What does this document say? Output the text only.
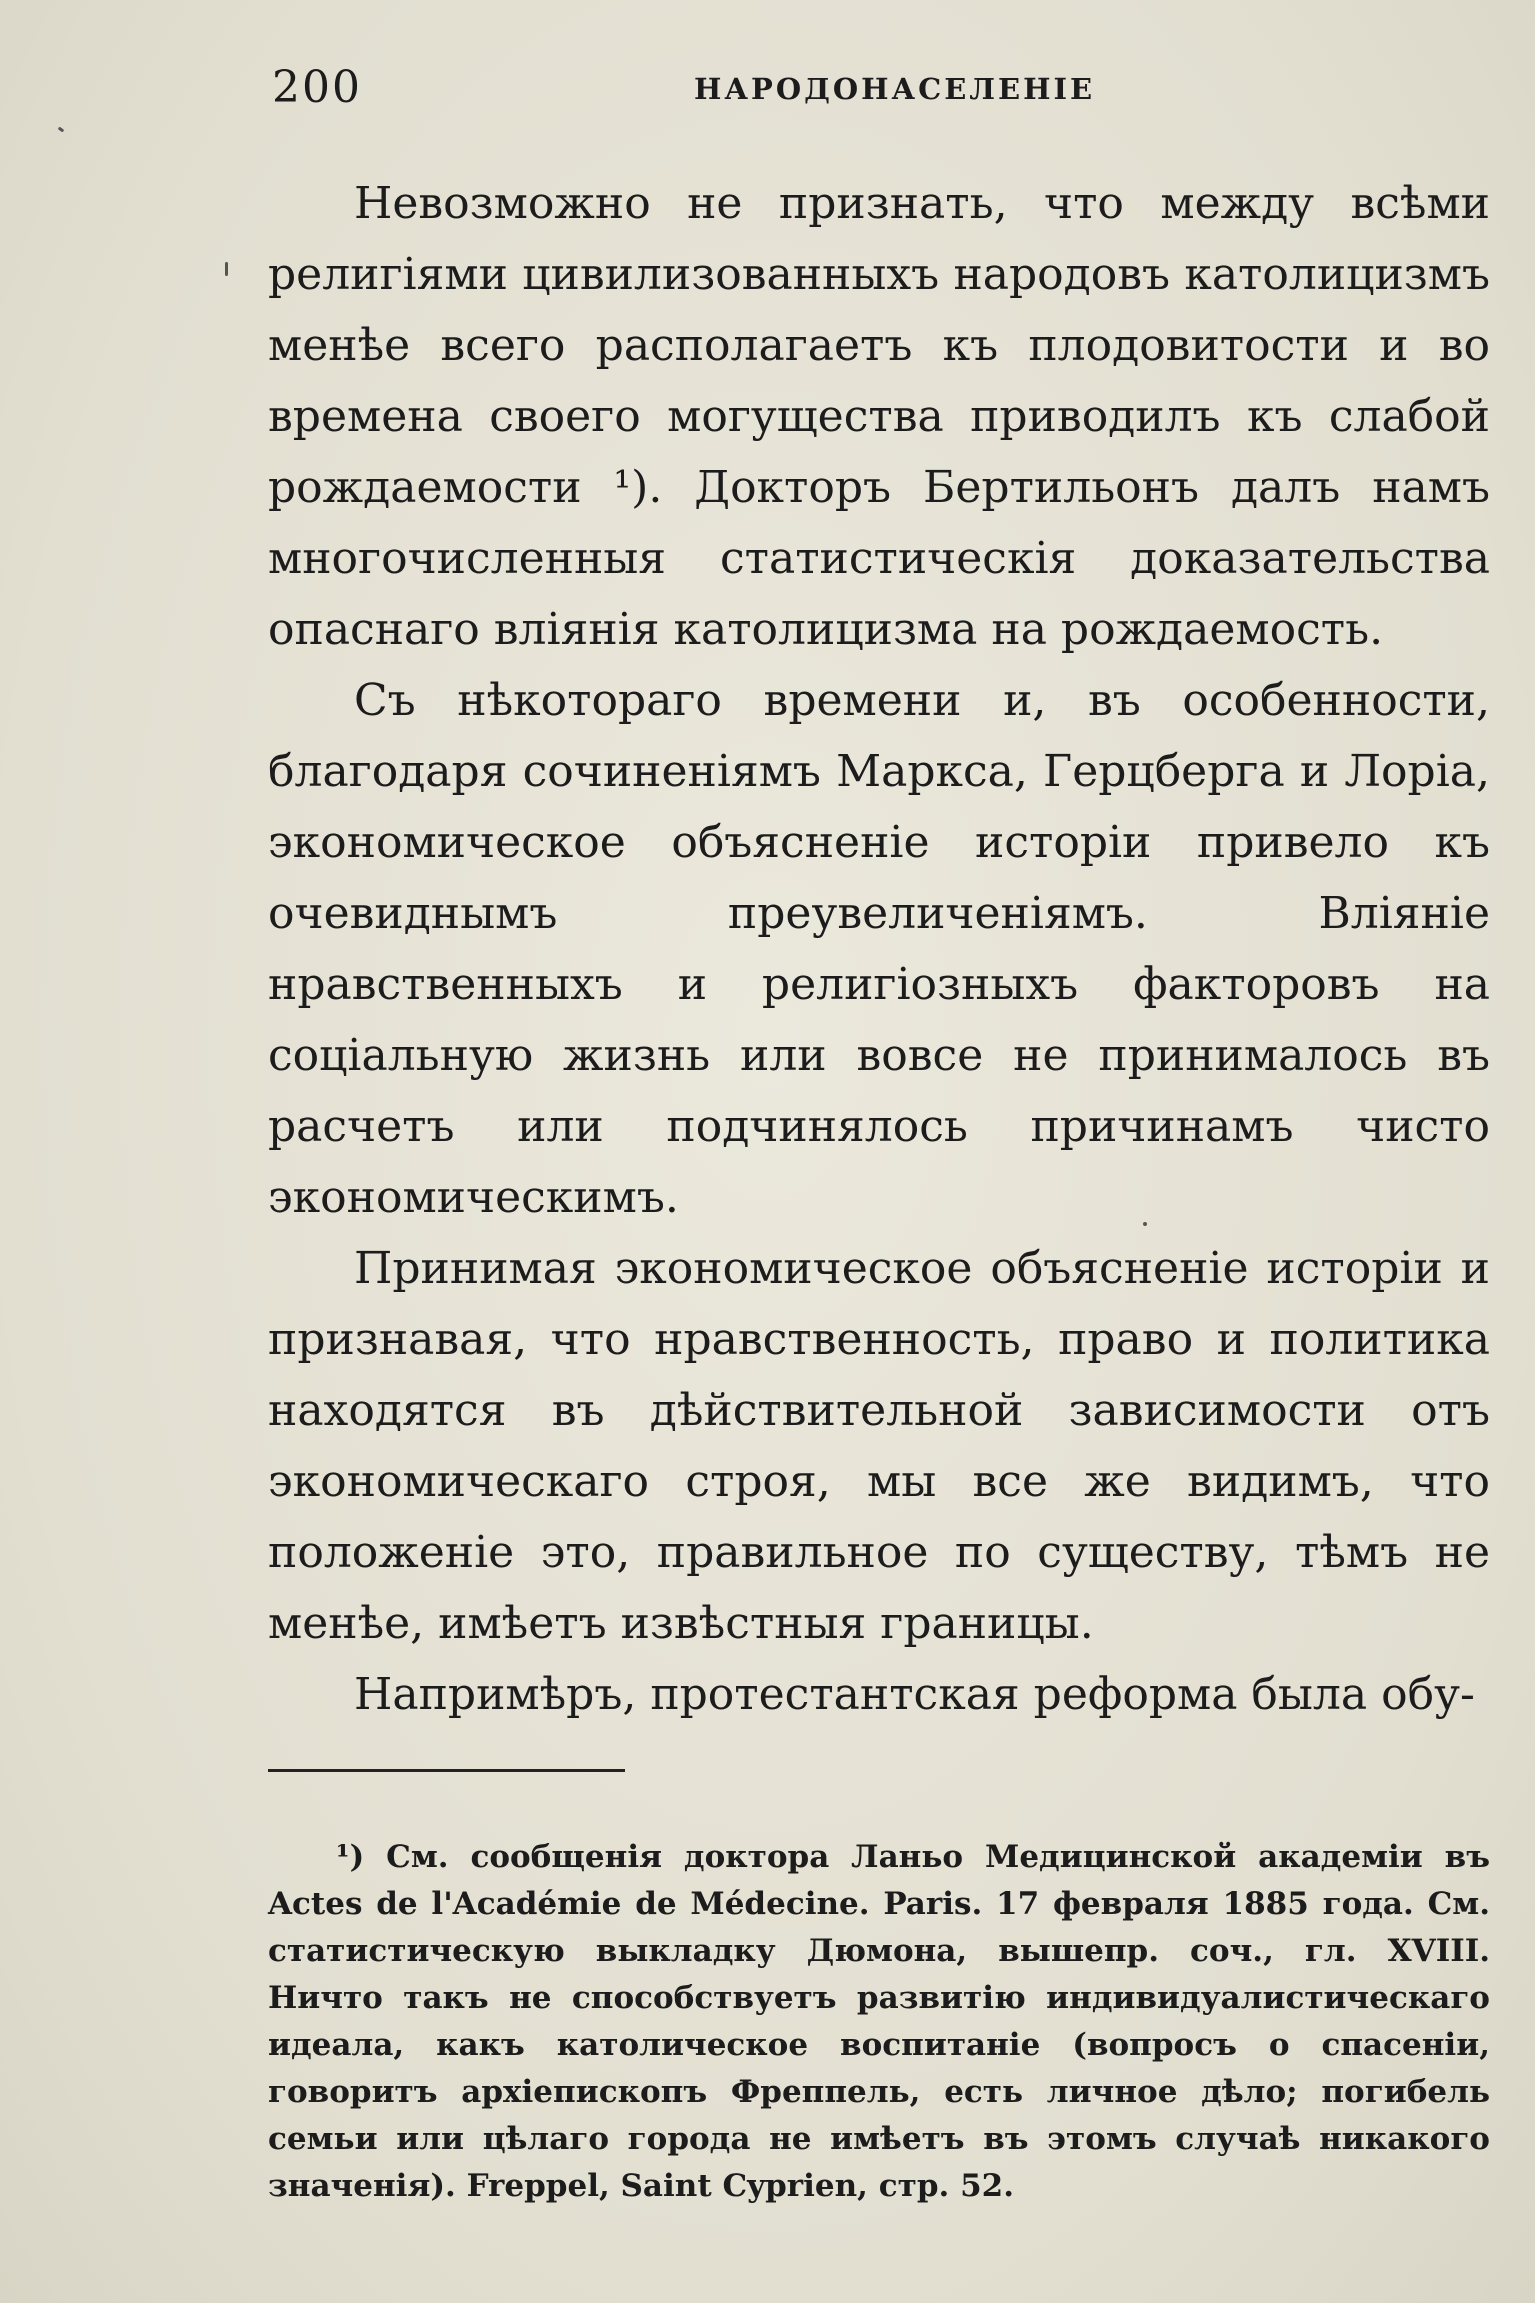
200	НАРОДОНАСЕЛЕНІЕ

Невозможно не признать, что между всѣми религіями цивилизованныхъ народовъ католицизмъ менѣе всего располагаетъ къ плодовитости и во времена своего могущества приводилъ къ слабой рождаемости ¹). Докторъ Бертильонъ далъ намъ многочисленныя статистическія доказательства опаснаго вліянія католицизма на рождаемость.

Съ нѣкотораго времени и, въ особенности, благодаря сочиненіямъ Маркса, Герцберга и Лоріа, экономическое объясненіе исторіи привело къ очевиднымъ преувеличеніямъ. Вліяніе нравственныхъ и религіозныхъ факторовъ на соціальную жизнь или вовсе не принималось въ расчетъ или подчинялось причинамъ чисто экономическимъ.

Принимая экономическое объясненіе исторіи и признавая, что нравственность, право и политика находятся въ дѣйствительной зависимости отъ экономическаго строя, мы все же видимъ, что положеніе это, правильное по существу, тѣмъ не менѣе, имѣетъ извѣстныя границы.

Напримѣръ, протестантская реформа была обу-

¹) См. сообщенія доктора Ланьо Медицинской академіи въ Actes de l'Académie de Médecine. Paris. 17 февраля 1885 года. См. статистическую выкладку Дюмона, вышепр. соч., гл. XVIII. Ничто такъ не способствуетъ развитію индивидуалистическаго идеала, какъ католическое воспитаніе (вопросъ о спасеніи, говоритъ архіепископъ Фреппель, есть личное дѣло; погибель семьи или цѣлаго города не имѣетъ въ этомъ случаѣ никакого значенія). Freppel, Saint Cyprien, стр. 52.
